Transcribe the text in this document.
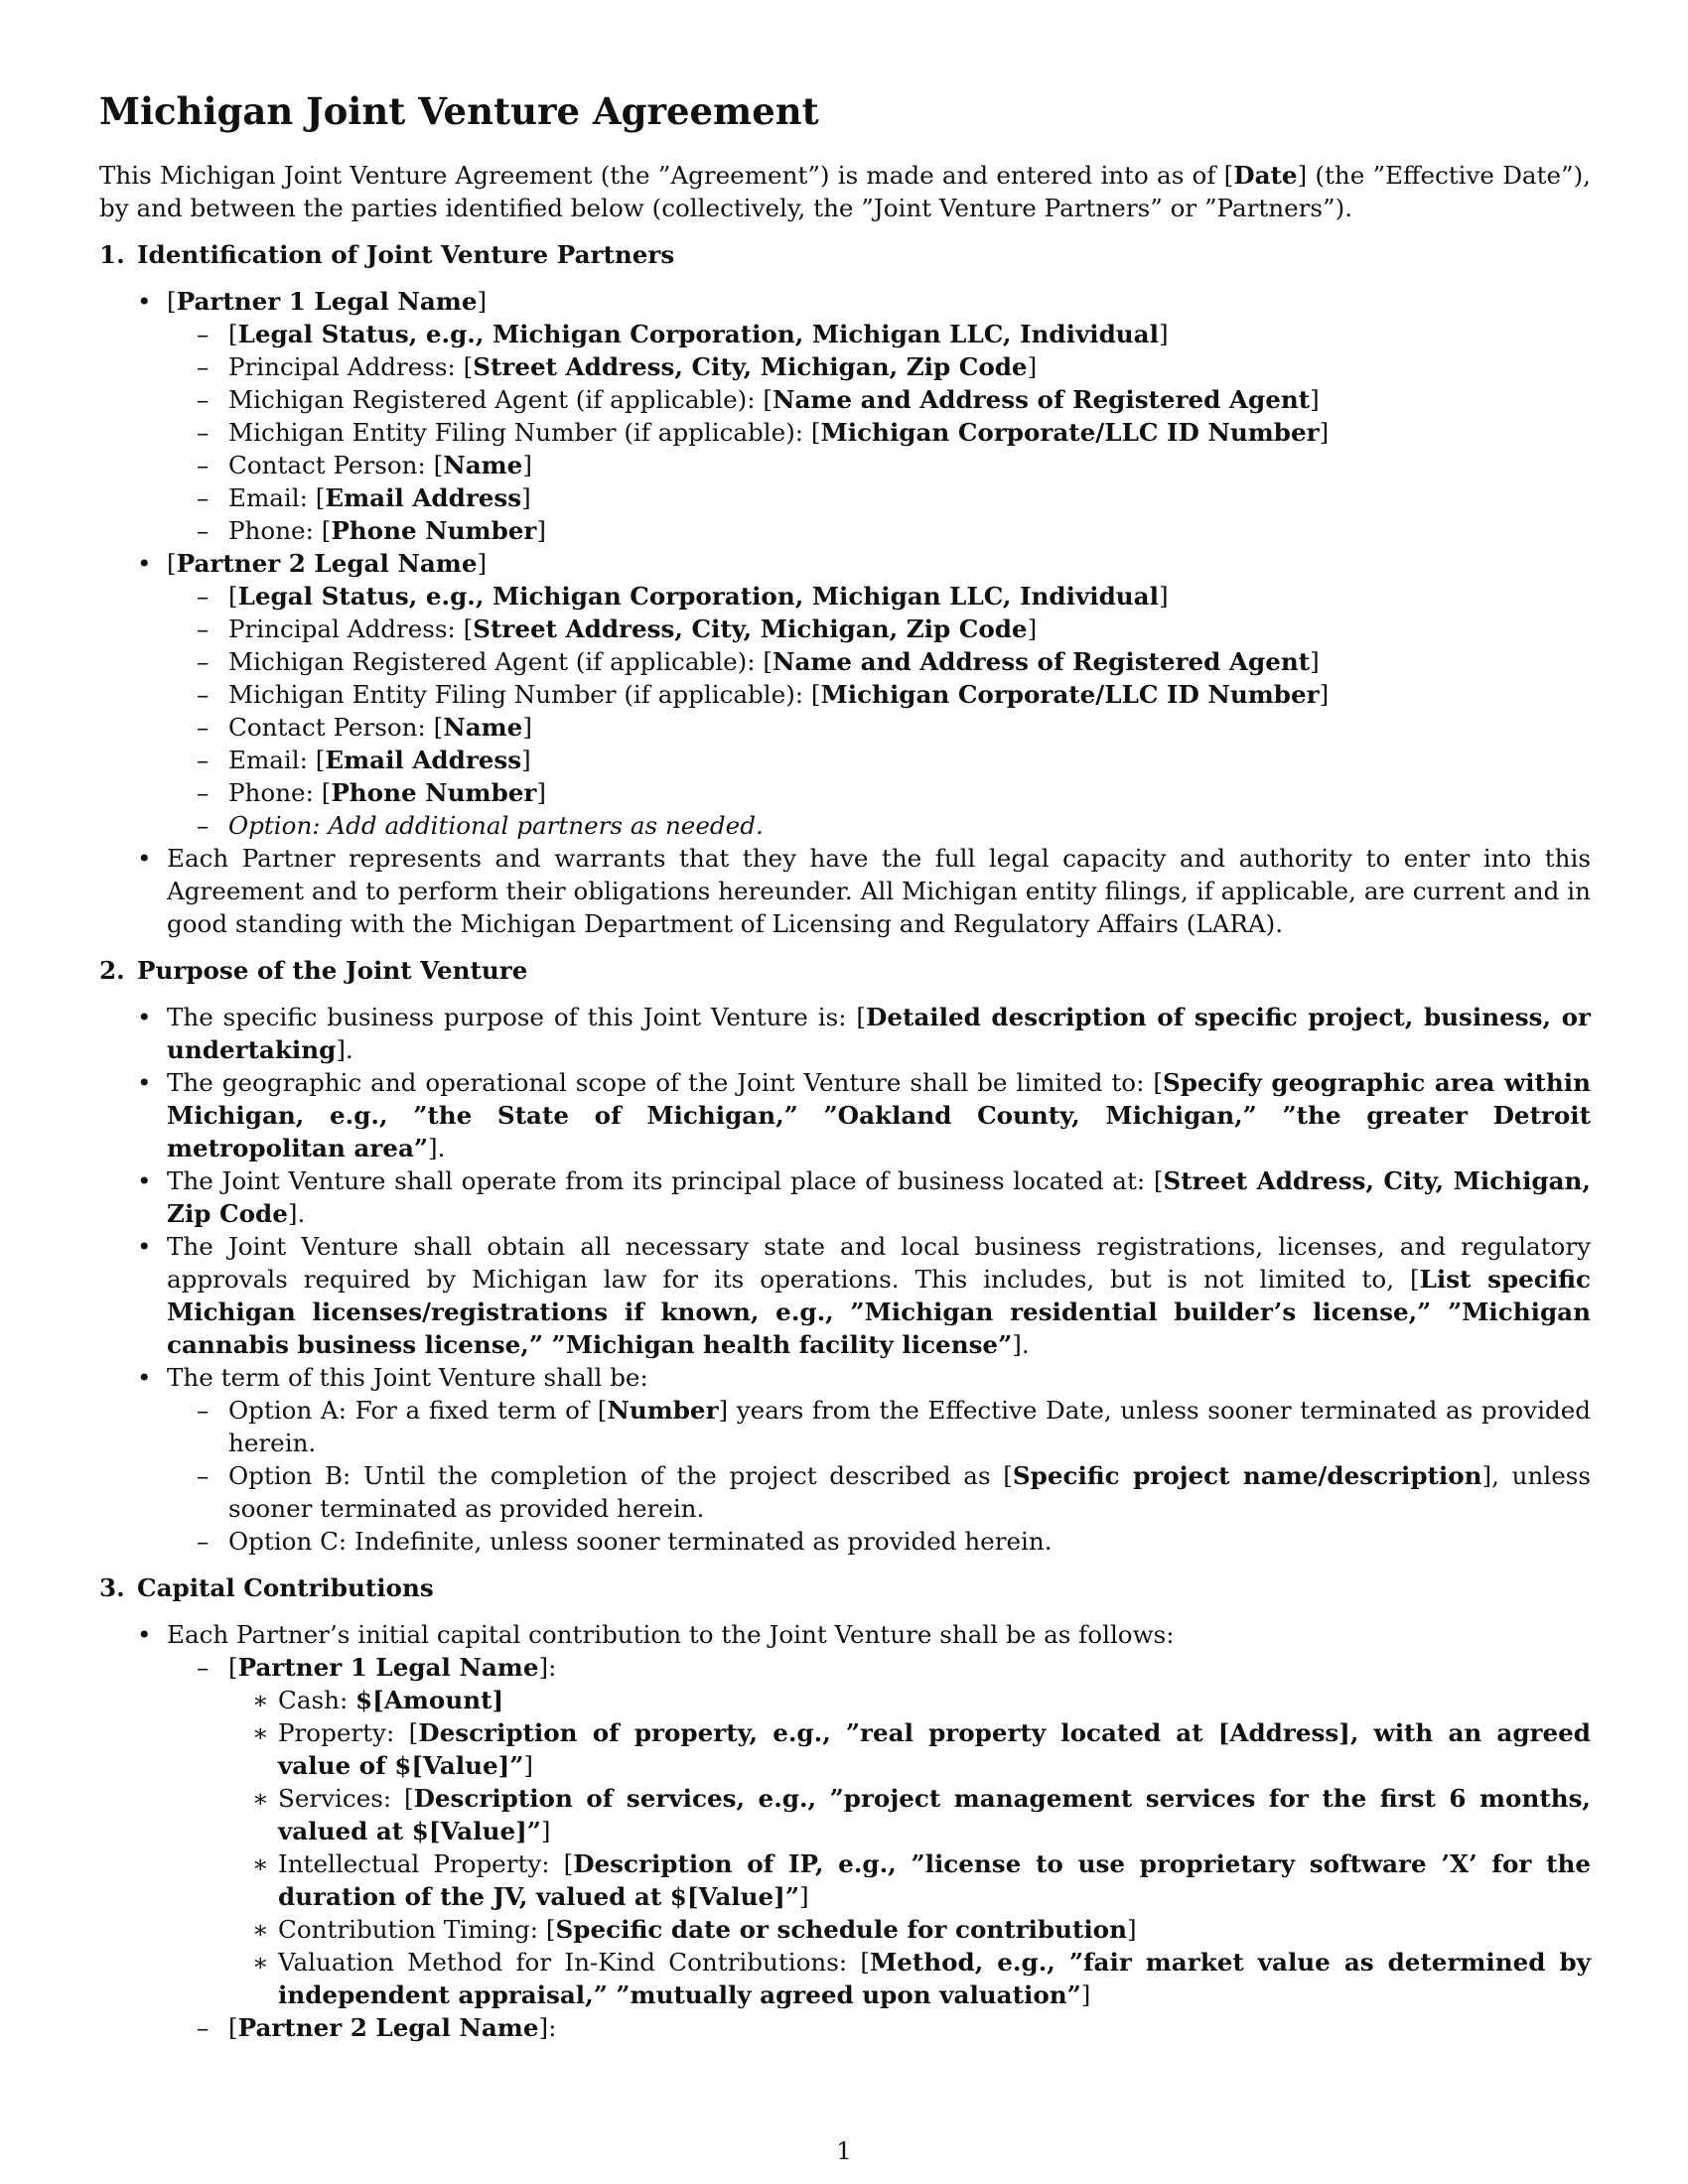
Michigan Joint Venture Agreement

This Michigan Joint Venture Agreement (the ”Agreement”) is made and entered into as of [Date] (the ”Effective Date”), by and between the parties identified below (collectively, the ”Joint Venture Partners” or ”Partners”).

1. Identification of Joint Venture Partners
• [Partner 1 Legal Name]
– [Legal Status, e.g., Michigan Corporation, Michigan LLC, Individual]
– Principal Address: [Street Address, City, Michigan, Zip Code]
– Michigan Registered Agent (if applicable): [Name and Address of Registered Agent]
– Michigan Entity Filing Number (if applicable): [Michigan Corporate/LLC ID Number]
– Contact Person: [Name]
– Email: [Email Address]
– Phone: [Phone Number]
• [Partner 2 Legal Name]
– [Legal Status, e.g., Michigan Corporation, Michigan LLC, Individual]
– Principal Address: [Street Address, City, Michigan, Zip Code]
– Michigan Registered Agent (if applicable): [Name and Address of Registered Agent]
– Michigan Entity Filing Number (if applicable): [Michigan Corporate/LLC ID Number]
– Contact Person: [Name]
– Email: [Email Address]
– Phone: [Phone Number]
– Option: Add additional partners as needed.
• Each Partner represents and warrants that they have the full legal capacity and authority to enter into this Agreement and to perform their obligations hereunder. All Michigan entity filings, if applicable, are current and in good standing with the Michigan Department of Licensing and Regulatory Affairs (LARA).
2. Purpose of the Joint Venture
• The specific business purpose of this Joint Venture is: [Detailed description of specific project, business, or undertaking].
• The geographic and operational scope of the Joint Venture shall be limited to: [Specify geographic area within Michigan, e.g., ”the State of Michigan,” ”Oakland County, Michigan,” ”the greater Detroit metropolitan area”].
• The Joint Venture shall operate from its principal place of business located at: [Street Address, City, Michigan, Zip Code].
• The Joint Venture shall obtain all necessary state and local business registrations, licenses, and regulatory approvals required by Michigan law for its operations. This includes, but is not limited to, [List specific Michigan licenses/registrations if known, e.g., ”Michigan residential builder’s license,” ”Michigan cannabis business license,” ”Michigan health facility license”].
• The term of this Joint Venture shall be:
– Option A: For a fixed term of [Number] years from the Effective Date, unless sooner terminated as provided herein.
– Option B: Until the completion of the project described as [Specific project name/description], unless sooner terminated as provided herein.
– Option C: Indefinite, unless sooner terminated as provided herein.
3. Capital Contributions
• Each Partner’s initial capital contribution to the Joint Venture shall be as follows:
– [Partner 1 Legal Name]:
∗ Cash: $[Amount]
∗ Property: [Description of property, e.g., ”real property located at [Address], with an agreed value of $[Value]”]
∗ Services: [Description of services, e.g., ”project management services for the first 6 months, valued at $[Value]”]
∗ Intellectual Property: [Description of IP, e.g., ”license to use proprietary software ’X’ for the duration of the JV, valued at $[Value]”]
∗ Contribution Timing: [Specific date or schedule for contribution]
∗ Valuation Method for In-Kind Contributions: [Method, e.g., ”fair market value as determined by independent appraisal,” ”mutually agreed upon valuation”]
– [Partner 2 Legal Name]:
1
